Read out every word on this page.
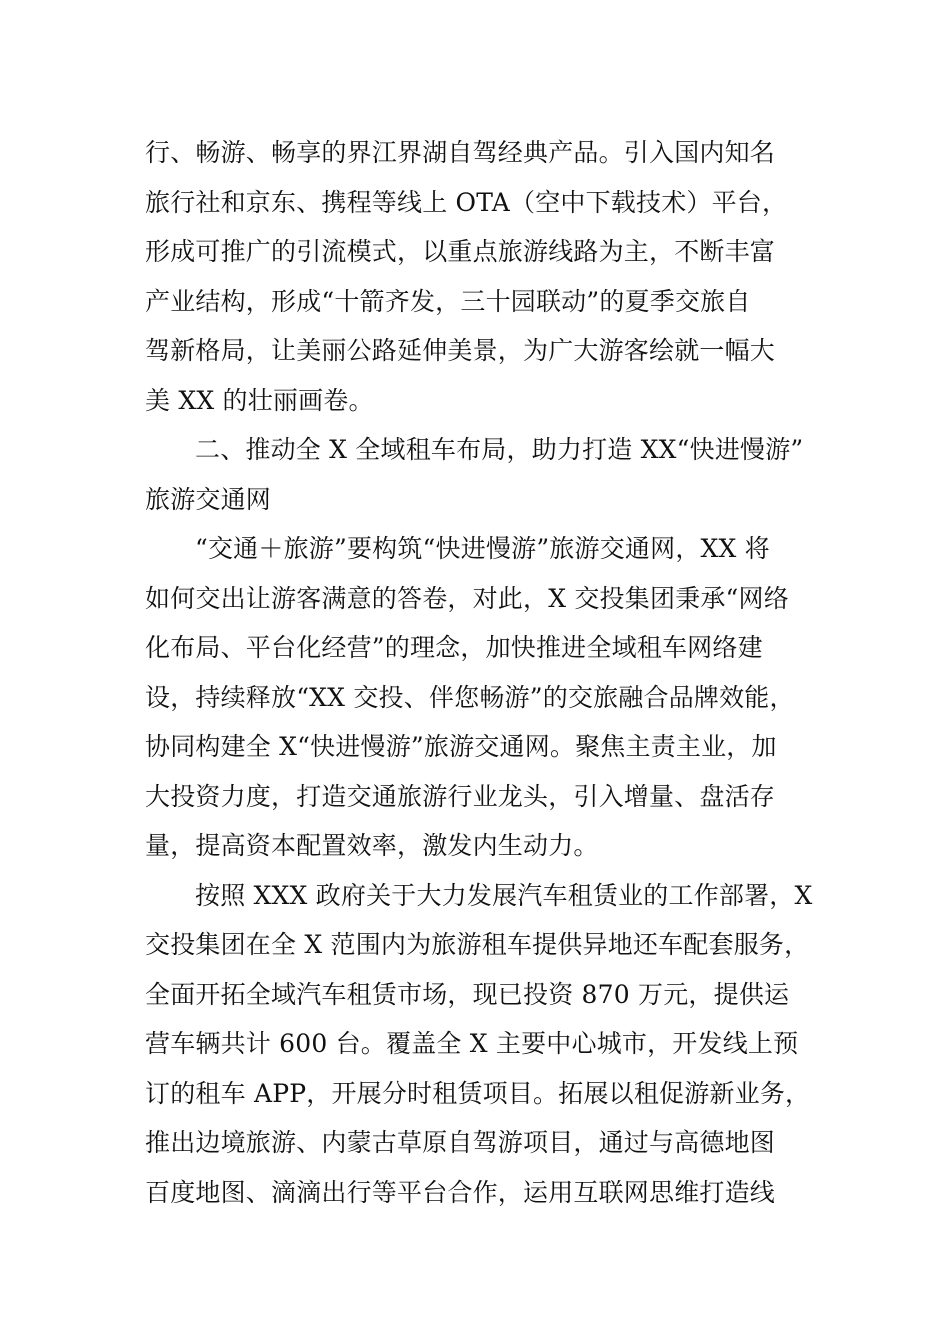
行、畅游、畅享的界江界湖自驾经典产品。引入国内知名
旅行社和京东、携程等线上 OTA（空中下载技术）平台，
形成可推广的引流模式，以重点旅游线路为主，不断丰富
产业结构，形成“十箭齐发，三十园联动”的夏季交旅自
驾新格局，让美丽公路延伸美景，为广大游客绘就一幅大
美 XX 的壮丽画卷。

二、推动全 X 全域租车布局，助力打造 XX“快进慢游”
旅游交通网

“交通＋旅游”要构筑“快进慢游”旅游交通网，XX 将
如何交出让游客满意的答卷，对此，X 交投集团秉承“网络
化布局、平台化经营”的理念，加快推进全域租车网络建
设，持续释放“XX 交投、伴您畅游”的交旅融合品牌效能，
协同构建全 X“快进慢游”旅游交通网。聚焦主责主业，加
大投资力度，打造交通旅游行业龙头，引入增量、盘活存
量，提高资本配置效率，激发内生动力。

按照 XXX 政府关于大力发展汽车租赁业的工作部署，X
交投集团在全 X 范围内为旅游租车提供异地还车配套服务，
全面开拓全域汽车租赁市场，现已投资 870 万元，提供运
营车辆共计 600 台。覆盖全 X 主要中心城市，开发线上预
订的租车 APP，开展分时租赁项目。拓展以租促游新业务，
推出边境旅游、内蒙古草原自驾游项目，通过与高德地图
百度地图、滴滴出行等平台合作，运用互联网思维打造线
